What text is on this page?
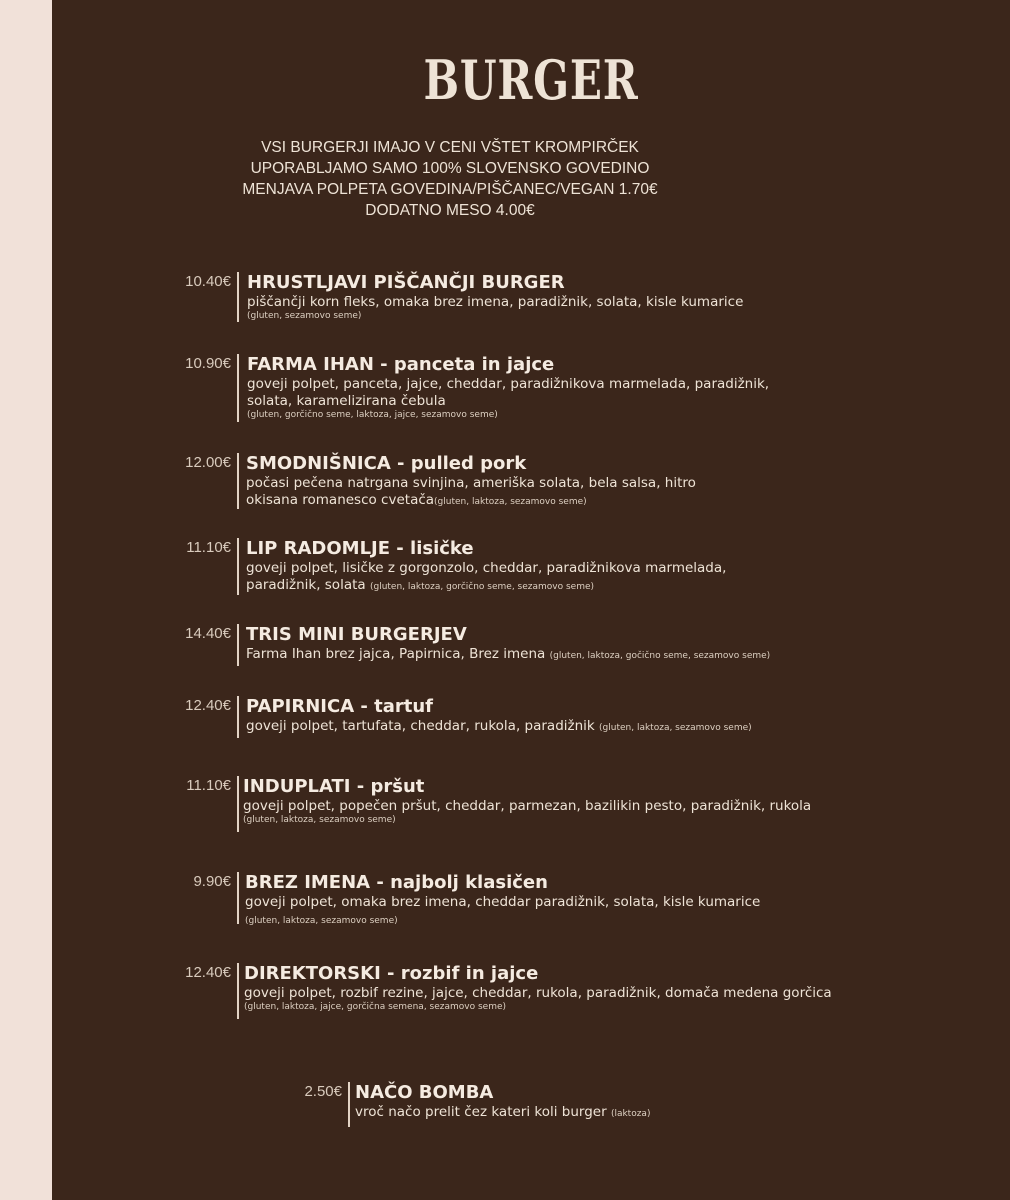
BURGER
VSI BURGERJI IMAJO V CENI VŠTET KROMPIRČEK
UPORABLJAMO SAMO 100% SLOVENSKO GOVEDINO
MENJAVA POLPETA GOVEDINA/PIŠČANEC/VEGAN 1.70€
DODATNO MESO 4.00€
10.40€ HRUSTLJAVI PIŠČANČJI BURGER
piščančji korn fleks, omaka brez imena, paradižnik, solata, kisle kumarice
(gluten, sezamovo seme)
10.90€ FARMA IHAN - panceta in jajce
goveji polpet, panceta, jajce, cheddar, paradižnikova marmelada, paradižnik, solata, karamelizirana čebula
(gluten, gorčično seme, laktoza, jajce, sezamovo seme)
12.00€ SMODNIŠNICA - pulled pork
počasi pečena natrgana svinjina, ameriška solata, bela salsa, hitro okisana romanesco cvetača(gluten, laktoza, sezamovo seme)
11.10€ LIP RADOMLJE - lisičke
goveji polpet, lisičke z gorgonzolo, cheddar, paradižnikova marmelada, paradižnik, solata (gluten, laktoza, gorčično seme, sezamovo seme)
14.40€ TRIS MINI BURGERJEV
Farma Ihan brez jajca, Papirnica, Brez imena (gluten, laktoza, gočično seme, sezamovo seme)
12.40€ PAPIRNICA - tartuf
goveji polpet, tartufata, cheddar, rukola, paradižnik (gluten, laktoza, sezamovo seme)
11.10€ INDUPLATI - pršut
goveji polpet, popečen pršut, cheddar, parmezan, bazilikin pesto, paradižnik, rukola
(gluten, laktoza, sezamovo seme)
9.90€ BREZ IMENA - najbolj klasičen
goveji polpet, omaka brez imena, cheddar paradižnik, solata, kisle kumarice (gluten, laktoza, sezamovo seme)
12.40€ DIREKTORSKI - rozbif in jajce
goveji polpet, rozbif rezine, jajce, cheddar, rukola, paradižnik, domača medena gorčica
(gluten, laktoza, jajce, gorčična semena, sezamovo seme)
2.50€ NAČO BOMBA
vroč načo prelit čez kateri koli burger (laktoza)
